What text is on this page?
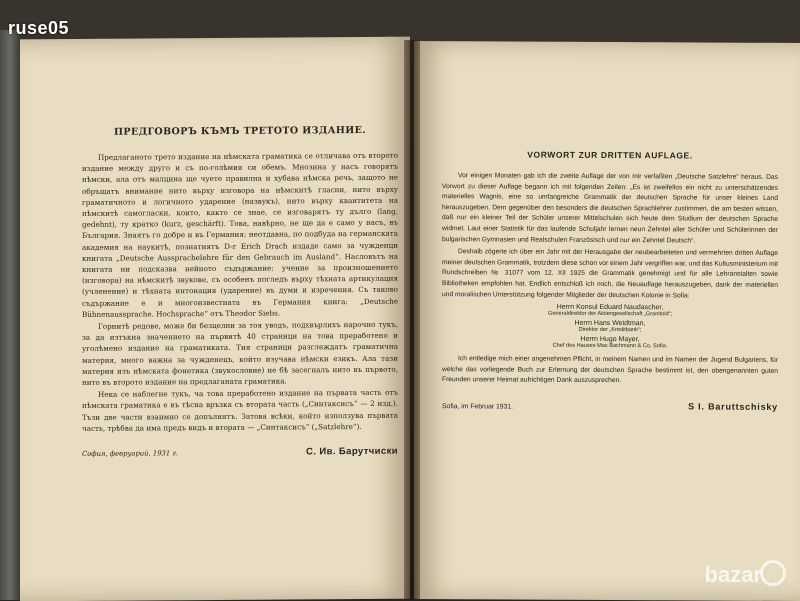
ПРЕДГОВОРЪ КЪМЪ ТРЕТОТО ИЗДАНИЕ.

Предлаганото трето издание на нѣмската граматика се отличава отъ второто издание между друго и съ по-голѣмия си обемъ. Мнозина у насъ говорятъ нѣмски, ала отъ малцина ще чуете правилна и хубава нѣмска речь, защото не обръщатъ внимание нито върху изговора на нѣмскитѣ гласни, нито върху граматичното и логичното ударение (назвукъ), нито върху квантитета на нѣмскитѣ самогласки, които, както се знае, се изговарятъ ту дълго (lang, gedehnt), ту кратко (kurz, geschärft). Това, навѣрно, не ще да е само у насъ, въ България. Знаятъ го добре и въ Германия: неотдавна, по подбуда на германската академия на наукитѣ, познатиятъ D-r Erich Drach издаде само за чужденци книгата „Deutsche Aussprachelehre für den Gebrauch im Ausland“. Насловътъ на книгата ни подсказва нейното съдържание: учение за произношението (изговора) на нѣмскитѣ звукове, съ особенъ погледъ върху тѣхната артикулация (учленение) и тѣхната интонация (ударение) въ думи и изречения. Съ таково съдържание е и многоизвестната въ Германия книга: „Deutsche Bühnenaussprache. Hochsprache“ отъ Theodor Siebs.

Горнитѣ редове, може би безцелни за тоя уводъ, подхвърлихъ нарочно тукъ, за да изтъкна значението на първитѣ 40 страници на това преработено и уголѣмено издание на граматиката. Тия страници разглеждатъ граматична материя, много важна за чужденецъ, който изучава нѣмски езикъ. Ала тази материя изъ нѣмската фонетика (звукословие) не бѣ засегналъ нито въ първото, нито въ второто издание на предлаганата граматика.

Нека се наблегне тукъ, ча това преработено издание на първата часть отъ нѣмската граматика е въ тѣсна връзка съ втората часть („Синтаксисъ“ — 2 изд.). Тъзи две части взаимно се допълнятъ. Затова всѣки, който използува първата часть, трѣбва да има предъ видъ и втората — „Синтаксисъ“ („Satzlehre“).

София, февруарий, 1931 г.	С. Ив. Барутчиски
VORWORT ZUR DRITTEN AUFLAGE.

Vor einigen Monaten gab ich die zweite Auflage der von mir verfaßten „Deutsche Satzlehre“ heraus. Das Vorwort zu dieser Auflage begann ich mit folgenden Zeilen: „Es ist zweifellos ein nicht zu unterschätzendes materielles Wagnis, eine so umfangreiche Grammatik der deutschen Sprache für unser kleines Land herauszugeben. Dem gegenüber den besonders die deutschen Sprachlehrer zustimmen, die am besten wissen, daß nur ein kleiner Teil der Schüler unserer Mittelschulen sich heute dem Studium der deutschen Sprache widmet. Laut einer Statistik für das laufende Schuljahr lernen neun Zehntel aller Schüler und Schülerinnen der bulgarischen Gymnasien und Realschulen Französisch und nur ein Zehntel Deutsch“.

Deshalb zögerte ich über ein Jahr mit der Herausgabe der neubearbeiteten und vermehrten dritten Auflage meiner deutschen Grammatik, trotzdem diese schon vor einem Jahr vergriffen war, und das Kultusministerium mit Rundschreiben № 31077 vom 12. XII 1925 die Grammatik genehmigt und für alle Lehranstalten sowie Bibliotheken empfohlen hat. Endlich entschloß ich mich, die Neuauflage herauszugeben, dank der materiellen und moralischen Unterstützung folgender Mitglieder der deutschen Kolonie in Sofia:

Herrn Konsul Eduard Naudascher,
Generaldirektor der Aktiengesellschaft „Granitoid“;
Herrn Hans Weidtman,
Direktor der „Kreditbank“;
Herrn Hugo Mayer,
Chef des Hauses Max Bachmann & Co, Sofia.

Ich entledige mich einer angenehmen Pflicht, in meinem Namen und im Namen der Jugend Bulgariens, für welche das vorliegende Buch zur Erlernung der deutschen Sprache bestimmt ist, den obengenannten guten Freunden unserer Heimat aufrichtigen Dank auszusprechen.

Sofia, im Februar 1931.	S I. Baruttschisky
ruse05
bazar
